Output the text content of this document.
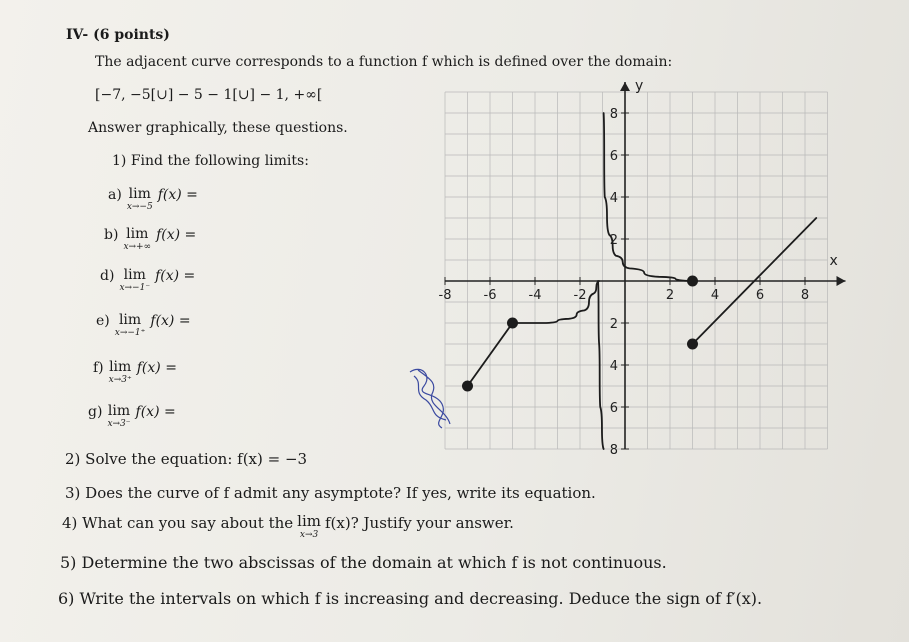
IV- (6 points)
The adjacent curve corresponds to a function f which is defined over the domain:
[−7, −5[∪] − 5 − 1[∪] − 1, +∞[
Answer graphically, these questions.
1) Find the following limits:
a) lim
x→−5
f(x) =
b) lim
x→+∞
f(x) =
d) lim
x→−1⁻
f(x) =
e) lim
x→−1⁺
f(x) =
f) lim
x→3⁺
f(x) =
g) lim
x→3⁻
f(x) =
2) Solve the equation: f(x) = −3
3) Does the curve of f admit any asymptote? If yes, write its equation.
4) What can you say about the lim
x→3
f(x)? Justify your answer.
5) Determine the two abscissas of the domain at which f is not continuous.
6) Write the intervals on which f is increasing and decreasing. Deduce the sign of f′(x).
x
y
-8 -6 -4 -2	2	4	6	8
8
6
4
2
2
4
6
8
